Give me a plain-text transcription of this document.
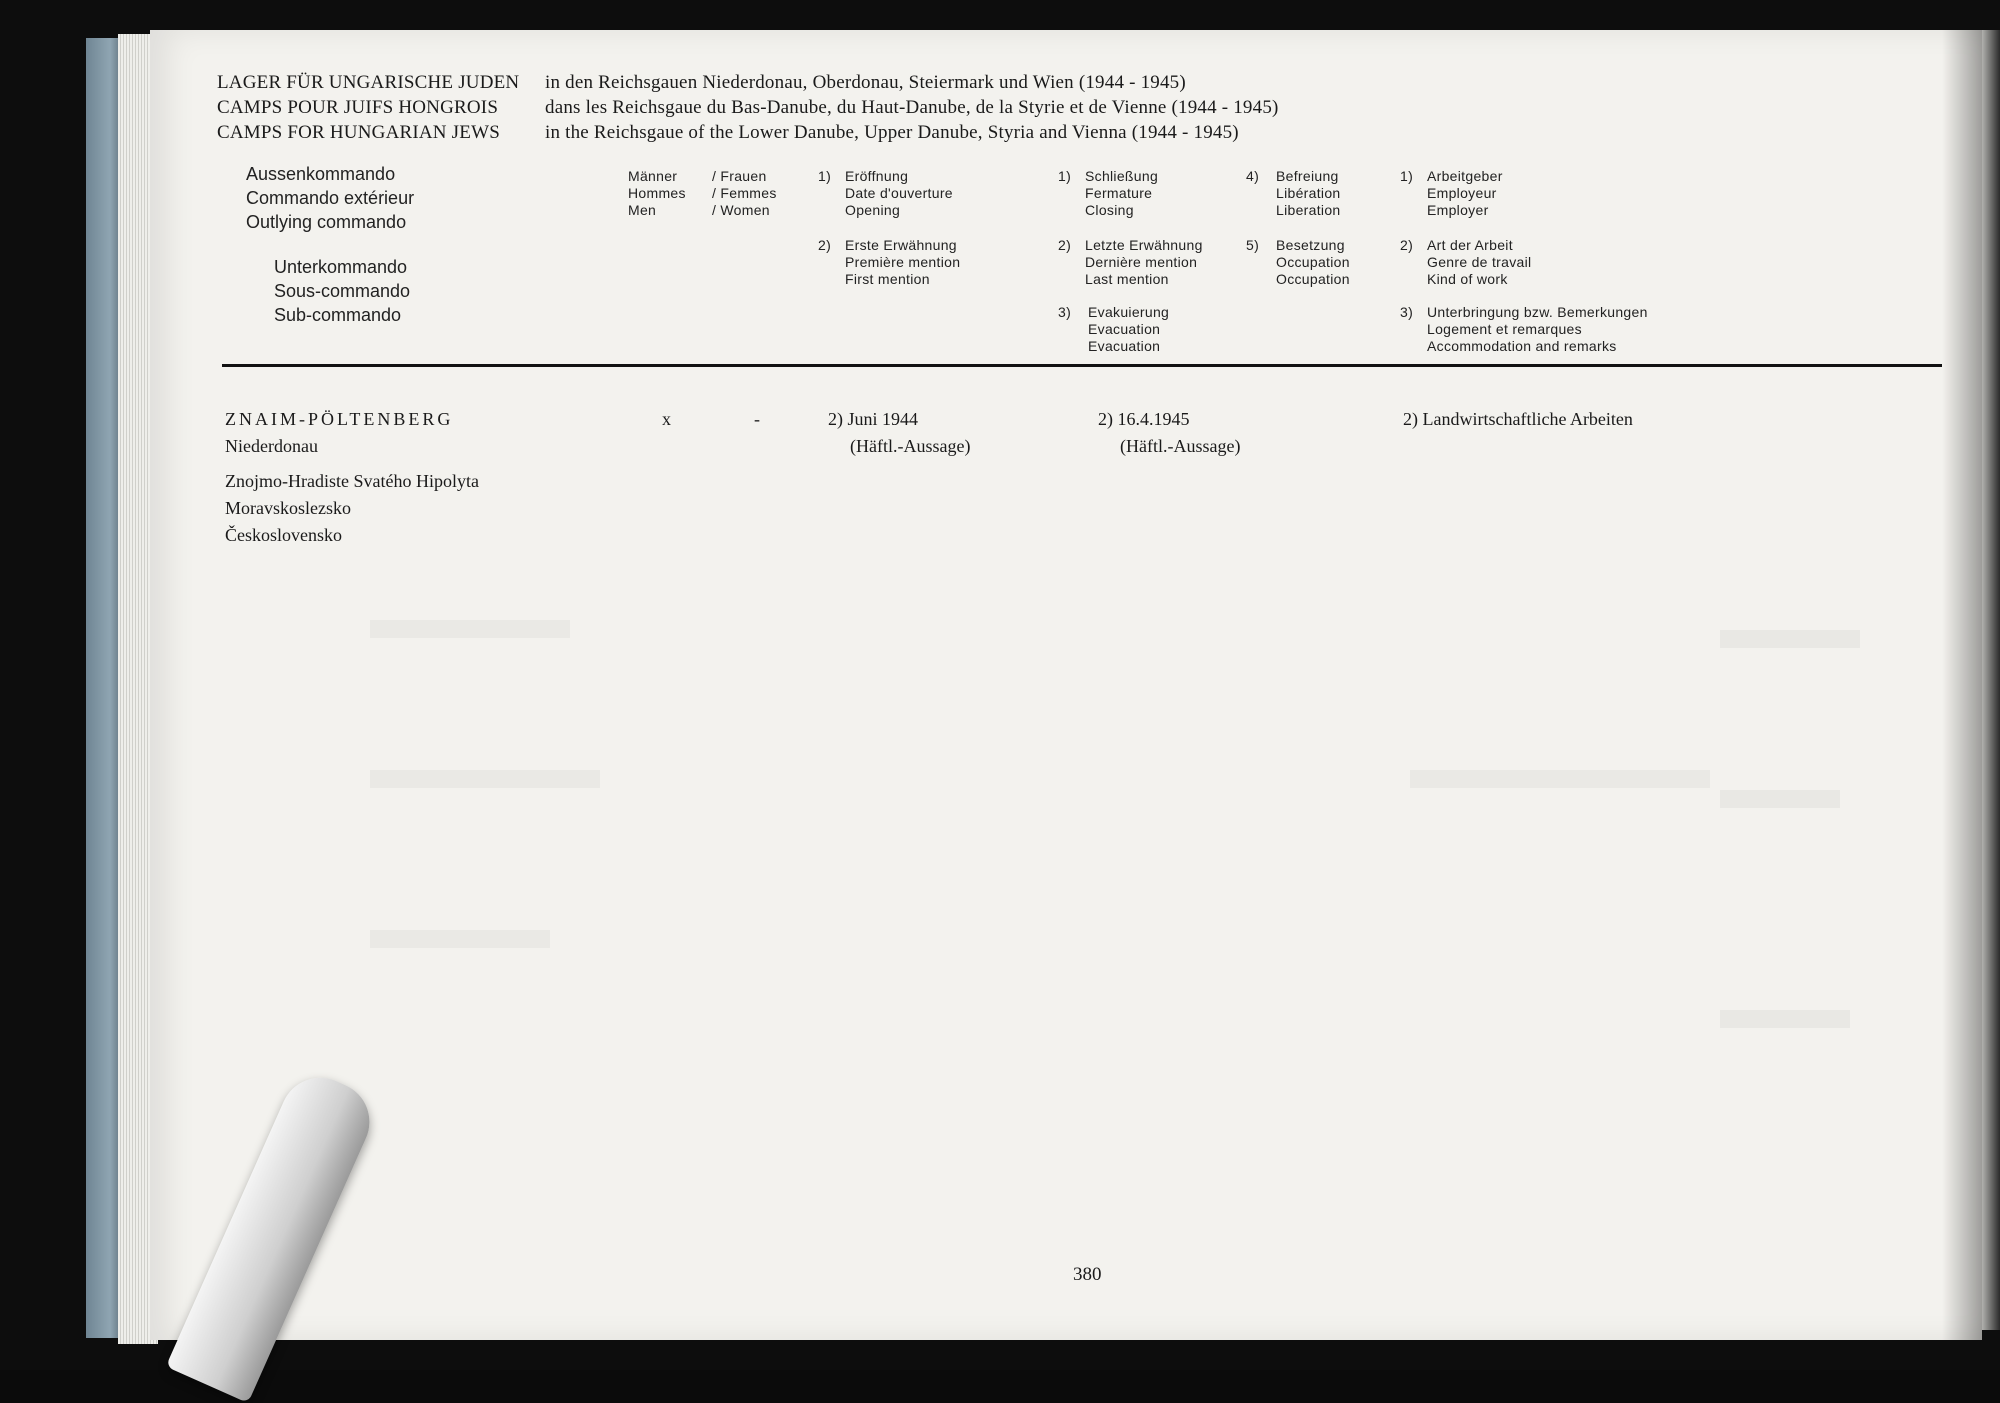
LAGER FÜR UNGARISCHE JUDEN
CAMPS POUR JUIFS HONGROIS
CAMPS FOR HUNGARIAN JEWS
in den Reichsgauen Niederdonau, Oberdonau, Steiermark und Wien (1944 - 1945)
dans les Reichsgaue du Bas-Danube, du Haut-Danube, de la Styrie et de Vienne (1944 - 1945)
in the Reichsgaue of the Lower Danube, Upper Danube, Styria and Vienna (1944 - 1945)
Aussenkommando
Commando extérieur
Outlying commando
Unterkommando
Sous-commando
Sub-commando
Männer
Hommes
Men
/ Frauen
/ Femmes
/ Women
1) Eröffnung
Date d'ouverture
Opening
2) Erste Erwähnung
Première mention
First mention
1) Schließung
Fermature
Closing
2) Letzte Erwähnung
Dernière mention
Last mention
3) Evakuierung
Evacuation
Evacuation
4) Befreiung
Libération
Liberation
5) Besetzung
Occupation
Occupation
1) Arbeitgeber
Employeur
Employer
2) Art der Arbeit
Genre de travail
Kind of work
3) Unterbringung bzw. Bemerkungen
Logement et remarques
Accommodation and remarks
ZNAIM-PÖLTENBERG
Niederdonau
Znojmo-Hradiste Svatého Hipolyta
Moravskoslezsko
Československo
x	-	2) Juni 1944
(Häftl.-Aussage)
2) 16.4.1945
(Häftl.-Aussage)
2) Landwirtschaftliche Arbeiten
380
